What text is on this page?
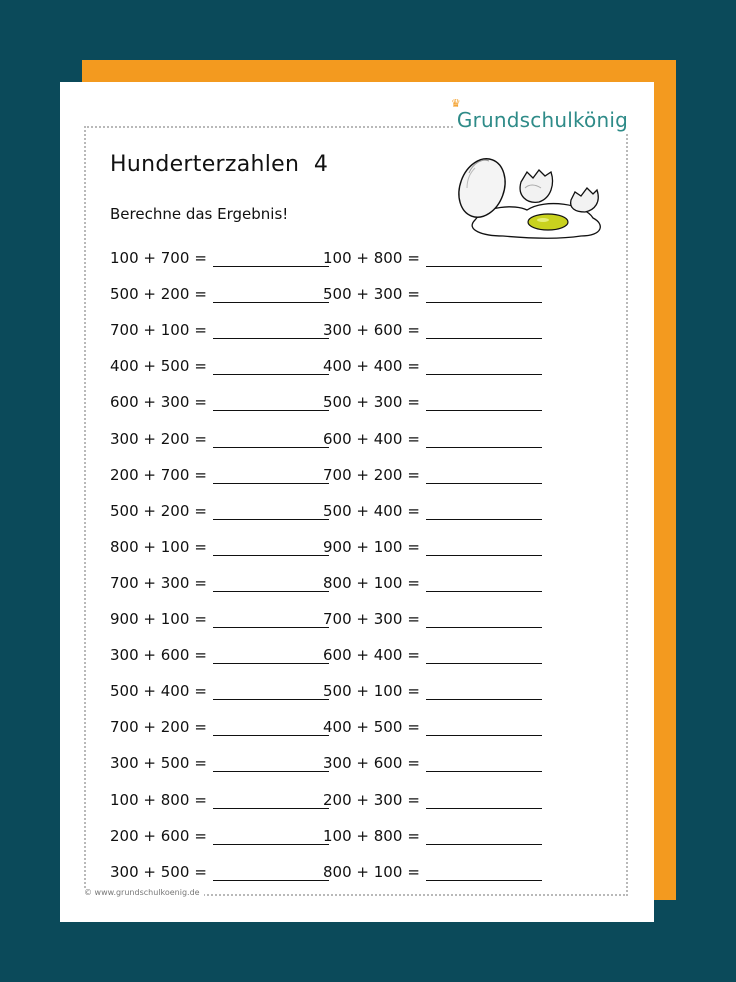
♛
Grundschulkönig
Hunderterzahlen  4
Berechne das Ergebnis!
100 + 700 =	100 + 800 =
500 + 200 =	500 + 300 =
700 + 100 =	300 + 600 =
400 + 500 =	400 + 400 =
600 + 300 =	500 + 300 =
300 + 200 =	600 + 400 =
200 + 700 =	700 + 200 =
500 + 200 =	500 + 400 =
800 + 100 =	900 + 100 =
700 + 300 =	800 + 100 =
900 + 100 =	700 + 300 =
300 + 600 =	600 + 400 =
500 + 400 =	500 + 100 =
700 + 200 =	400 + 500 =
300 + 500 =	300 + 600 =
100 + 800 =	200 + 300 =
200 + 600 =	100 + 800 =
300 + 500 =	800 + 100 =
© www.grundschulkoenig.de
